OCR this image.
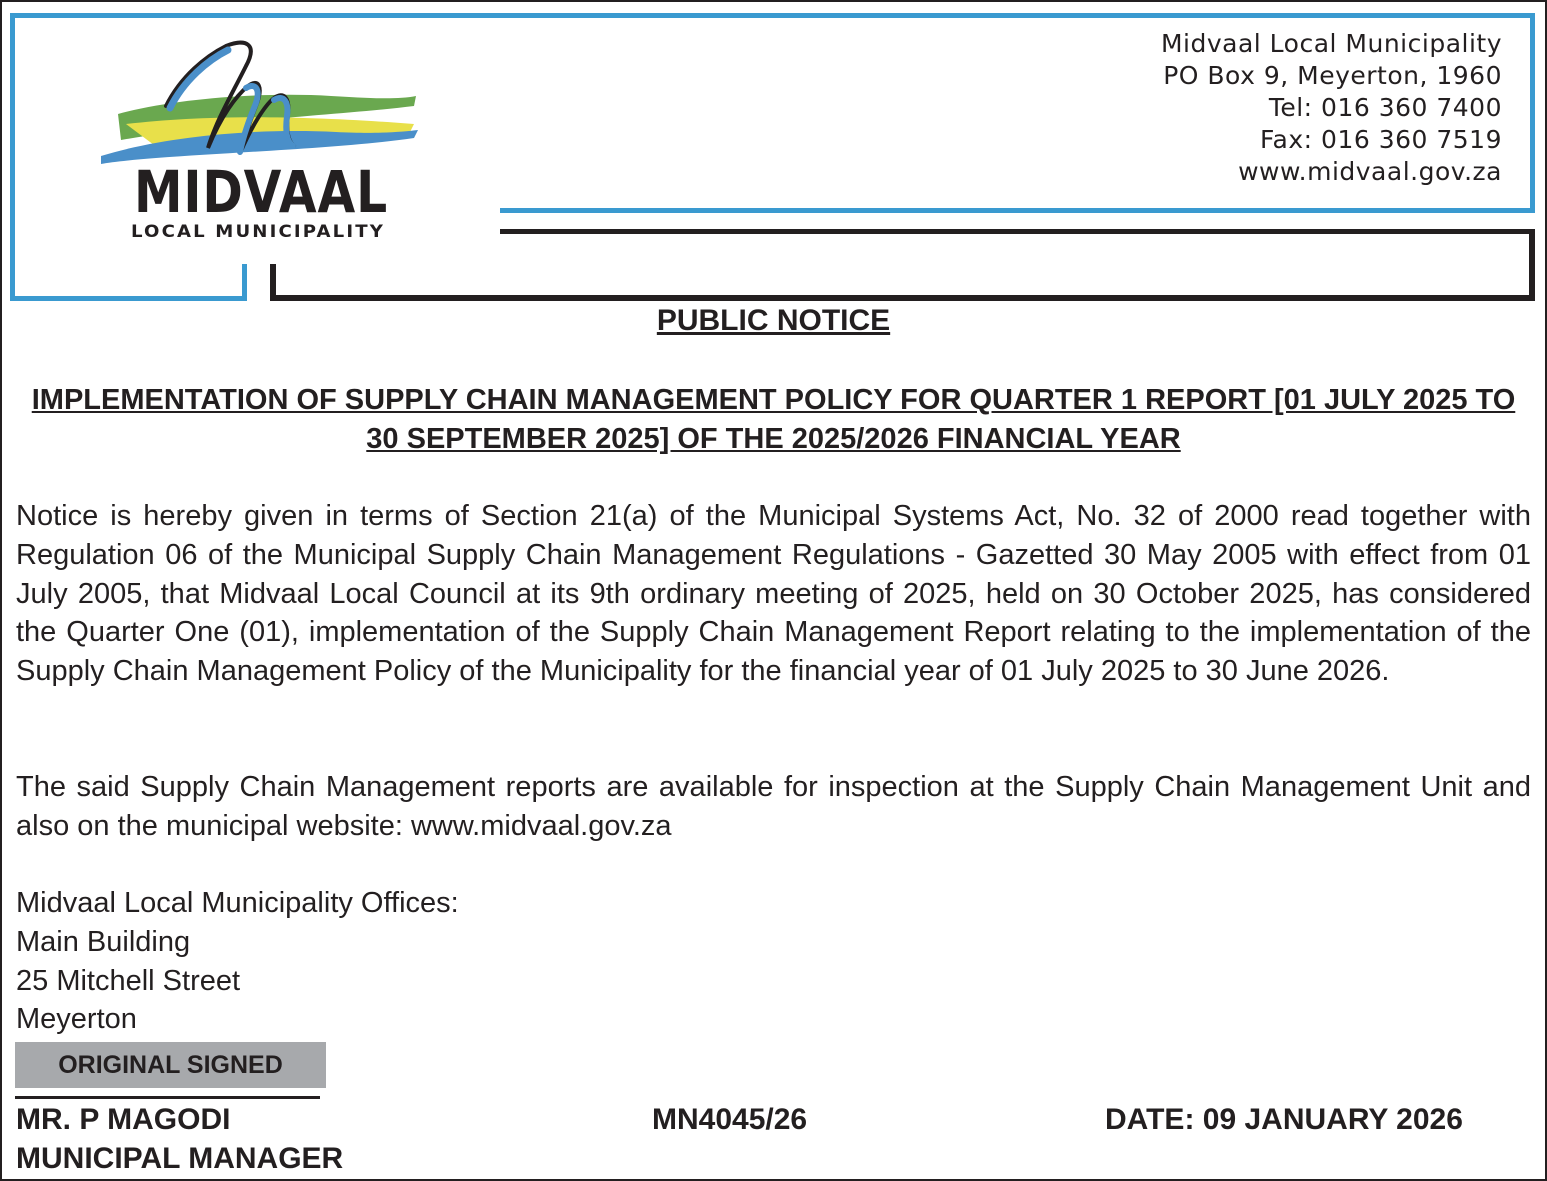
MIDVAAL
LOCAL MUNICIPALITY
Midvaal Local Municipality
PO Box 9, Meyerton, 1960
Tel: 016 360 7400
Fax: 016 360 7519
www.midvaal.gov.za
PUBLIC NOTICE
IMPLEMENTATION OF SUPPLY CHAIN MANAGEMENT POLICY FOR QUARTER 1 REPORT [01 JULY 2025 TO 30 SEPTEMBER 2025] OF THE 2025/2026 FINANCIAL YEAR
Notice is hereby given in terms of Section 21(a) of the Municipal Systems Act, No. 32 of 2000 read together with Regulation 06 of the Municipal Supply Chain Management Regulations - Gazetted 30 May 2005 with effect from 01 July 2005, that Midvaal Local Council at its 9th ordinary meeting of 2025, held on 30 October 2025, has considered the Quarter One (01), implementation of the Supply Chain Management Report relating to the implementation of the Supply Chain Management Policy of the Municipality for the financial year of 01 July 2025 to 30 June 2026.
The said Supply Chain Management reports are available for inspection at the Supply Chain Management Unit and also on the municipal website: www.midvaal.gov.za
Midvaal Local Municipality Offices:
Main Building
25 Mitchell Street
Meyerton
ORIGINAL SIGNED
MR. P MAGODI
MUNICIPAL MANAGER
MN4045/26	DATE: 09 JANUARY 2026
